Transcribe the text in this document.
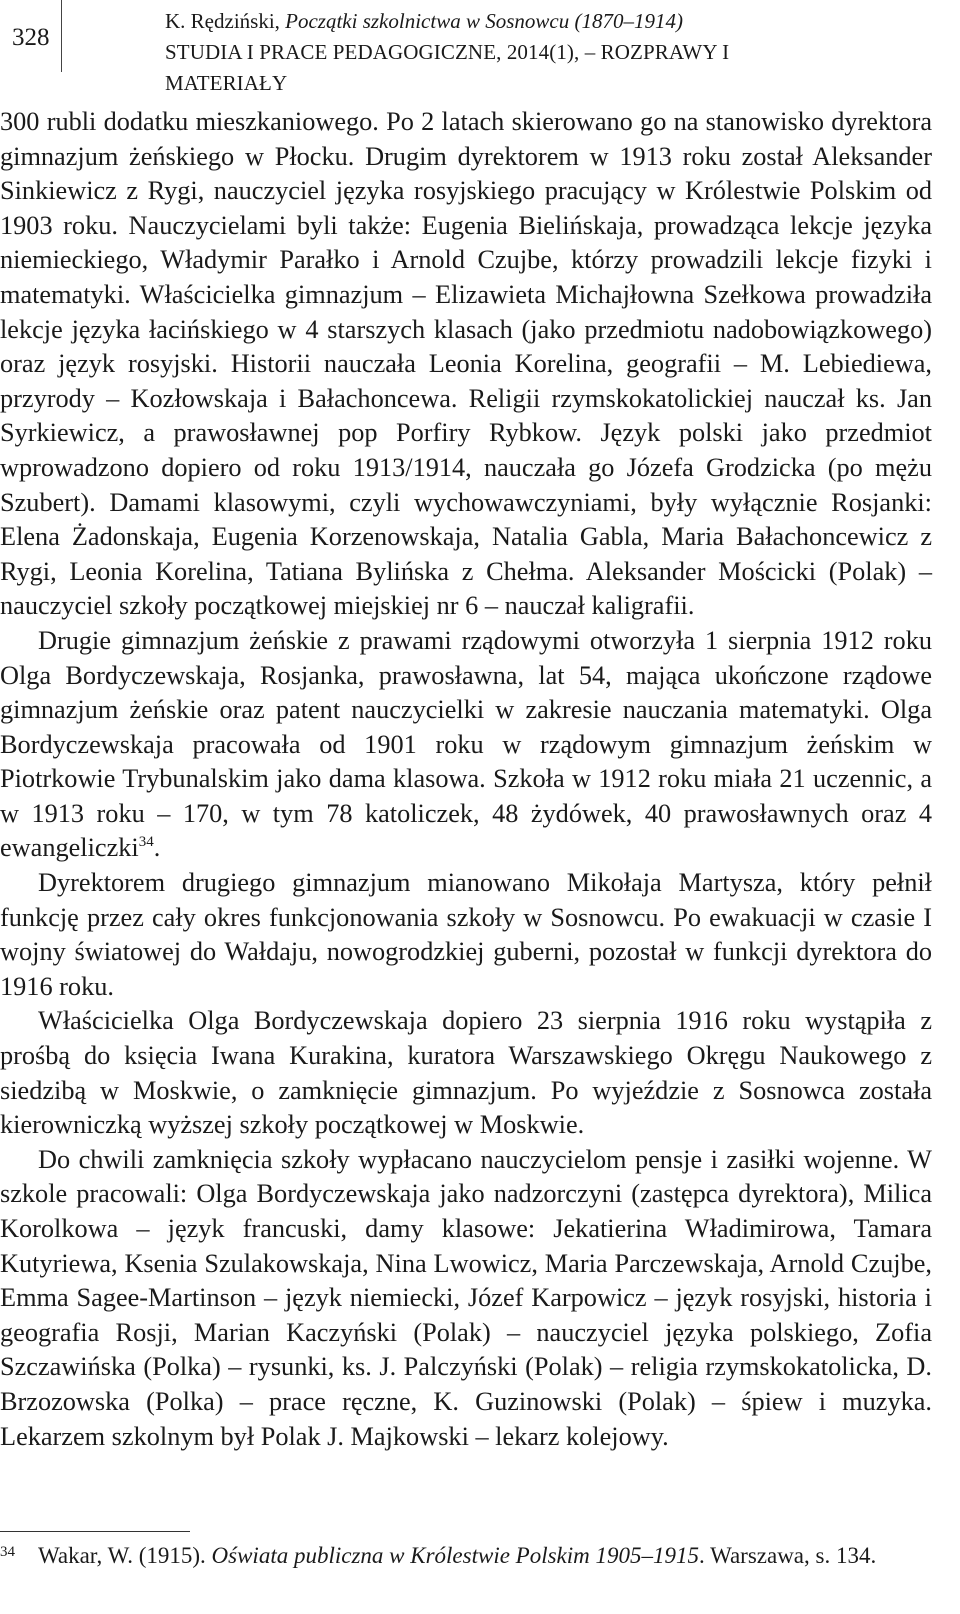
328
K. Rędziński, Początki szkolnictwa w Sosnowcu (1870–1914)
STUDIA I PRACE PEDAGOGICZNE, 2014(1), – ROZPRAWY I MATERIAŁY

300 rubli dodatku mieszkaniowego. Po 2 latach skierowano go na stanowisko dyrektora gimnazjum żeńskiego w Płocku. Drugim dyrektorem w 1913 roku został Aleksander Sinkiewicz z Rygi, nauczyciel języka rosyjskiego pracujący w Królestwie Polskim od 1903 roku. Nauczycielami byli także: Eugenia Bielińskaja, prowadząca lekcje języka niemieckiego, Władymir Parałko i Arnold Czujbe, którzy prowadzili lekcje fizyki i matematyki. Właścicielka gimnazjum – Elizawieta Michajłowna Szełkowa prowadziła lekcje języka łacińskiego w 4 starszych klasach (jako przedmiotu nadobowiązkowego) oraz język rosyjski. Historii nauczała Leonia Korelina, geografii – M. Lebiediewa, przyrody – Kozłowskaja i Bałachoncewa. Religii rzymskokatolickiej nauczał ks. Jan Syrkiewicz, a prawosławnej pop Porfiry Rybkow. Język polski jako przedmiot wprowadzono dopiero od roku 1913/1914, nauczała go Józefa Grodzicka (po mężu Szubert). Damami klasowymi, czyli wychowawczyniami, były wyłącznie Rosjanki: Elena Żadonskaja, Eugenia Korzenowskaja, Natalia Gabla, Maria Bałachoncewicz z Rygi, Leonia Korelina, Tatiana Bylińska z Chełma. Aleksander Mościcki (Polak) – nauczyciel szkoły początkowej miejskiej nr 6 – nauczał kaligrafii.

Drugie gimnazjum żeńskie z prawami rządowymi otworzyła 1 sierpnia 1912 roku Olga Bordyczewskaja, Rosjanka, prawosławna, lat 54, mająca ukończone rządowe gimnazjum żeńskie oraz patent nauczycielki w zakresie nauczania matematyki. Olga Bordyczewskaja pracowała od 1901 roku w rządowym gimnazjum żeńskim w Piotrkowie Trybunalskim jako dama klasowa. Szkoła w 1912 roku miała 21 uczennic, a w 1913 roku – 170, w tym 78 katoliczek, 48 żydówek, 40 prawosławnych oraz 4 ewangeliczki$^{34}$.

Dyrektorem drugiego gimnazjum mianowano Mikołaja Martysza, który pełnił funkcję przez cały okres funkcjonowania szkoły w Sosnowcu. Po ewakuacji w czasie I wojny światowej do Wałdaju, nowogrodzkiej guberni, pozostał w funkcji dyrektora do 1916 roku.

Właścicielka Olga Bordyczewskaja dopiero 23 sierpnia 1916 roku wystąpiła z prośbą do księcia Iwana Kurakina, kuratora Warszawskiego Okręgu Naukowego z siedzibą w Moskwie, o zamknięcie gimnazjum. Po wyjeździe z Sosnowca została kierowniczką wyższej szkoły początkowej w Moskwie.

Do chwili zamknięcia szkoły wypłacano nauczycielom pensje i zasiłki wojenne. W szkole pracowali: Olga Bordyczewskaja jako nadzorczyni (zastępca dyrektora), Milica Korolkowa – język francuski, damy klasowe: Jekatierina Władimirowa, Tamara Kutyriewa, Ksenia Szulakowskaja, Nina Lwowicz, Maria Parczewskaja, Arnold Czujbe, Emma Sagee-Martinson – język niemiecki, Józef Karpowicz – język rosyjski, historia i geografia Rosji, Marian Kaczyński (Polak) – nauczyciel języka polskiego, Zofia Szczawińska (Polka) – rysunki, ks. J. Palczyński (Polak) – religia rzymskokatolicka, D. Brzozowska (Polka) – prace ręczne, K. Guzinowski (Polak) – śpiew i muzyka. Lekarzem szkolnym był Polak J. Majkowski – lekarz kolejowy.

34 Wakar, W. (1915). Oświata publiczna w Królestwie Polskim 1905–1915. Warszawa, s. 134.
